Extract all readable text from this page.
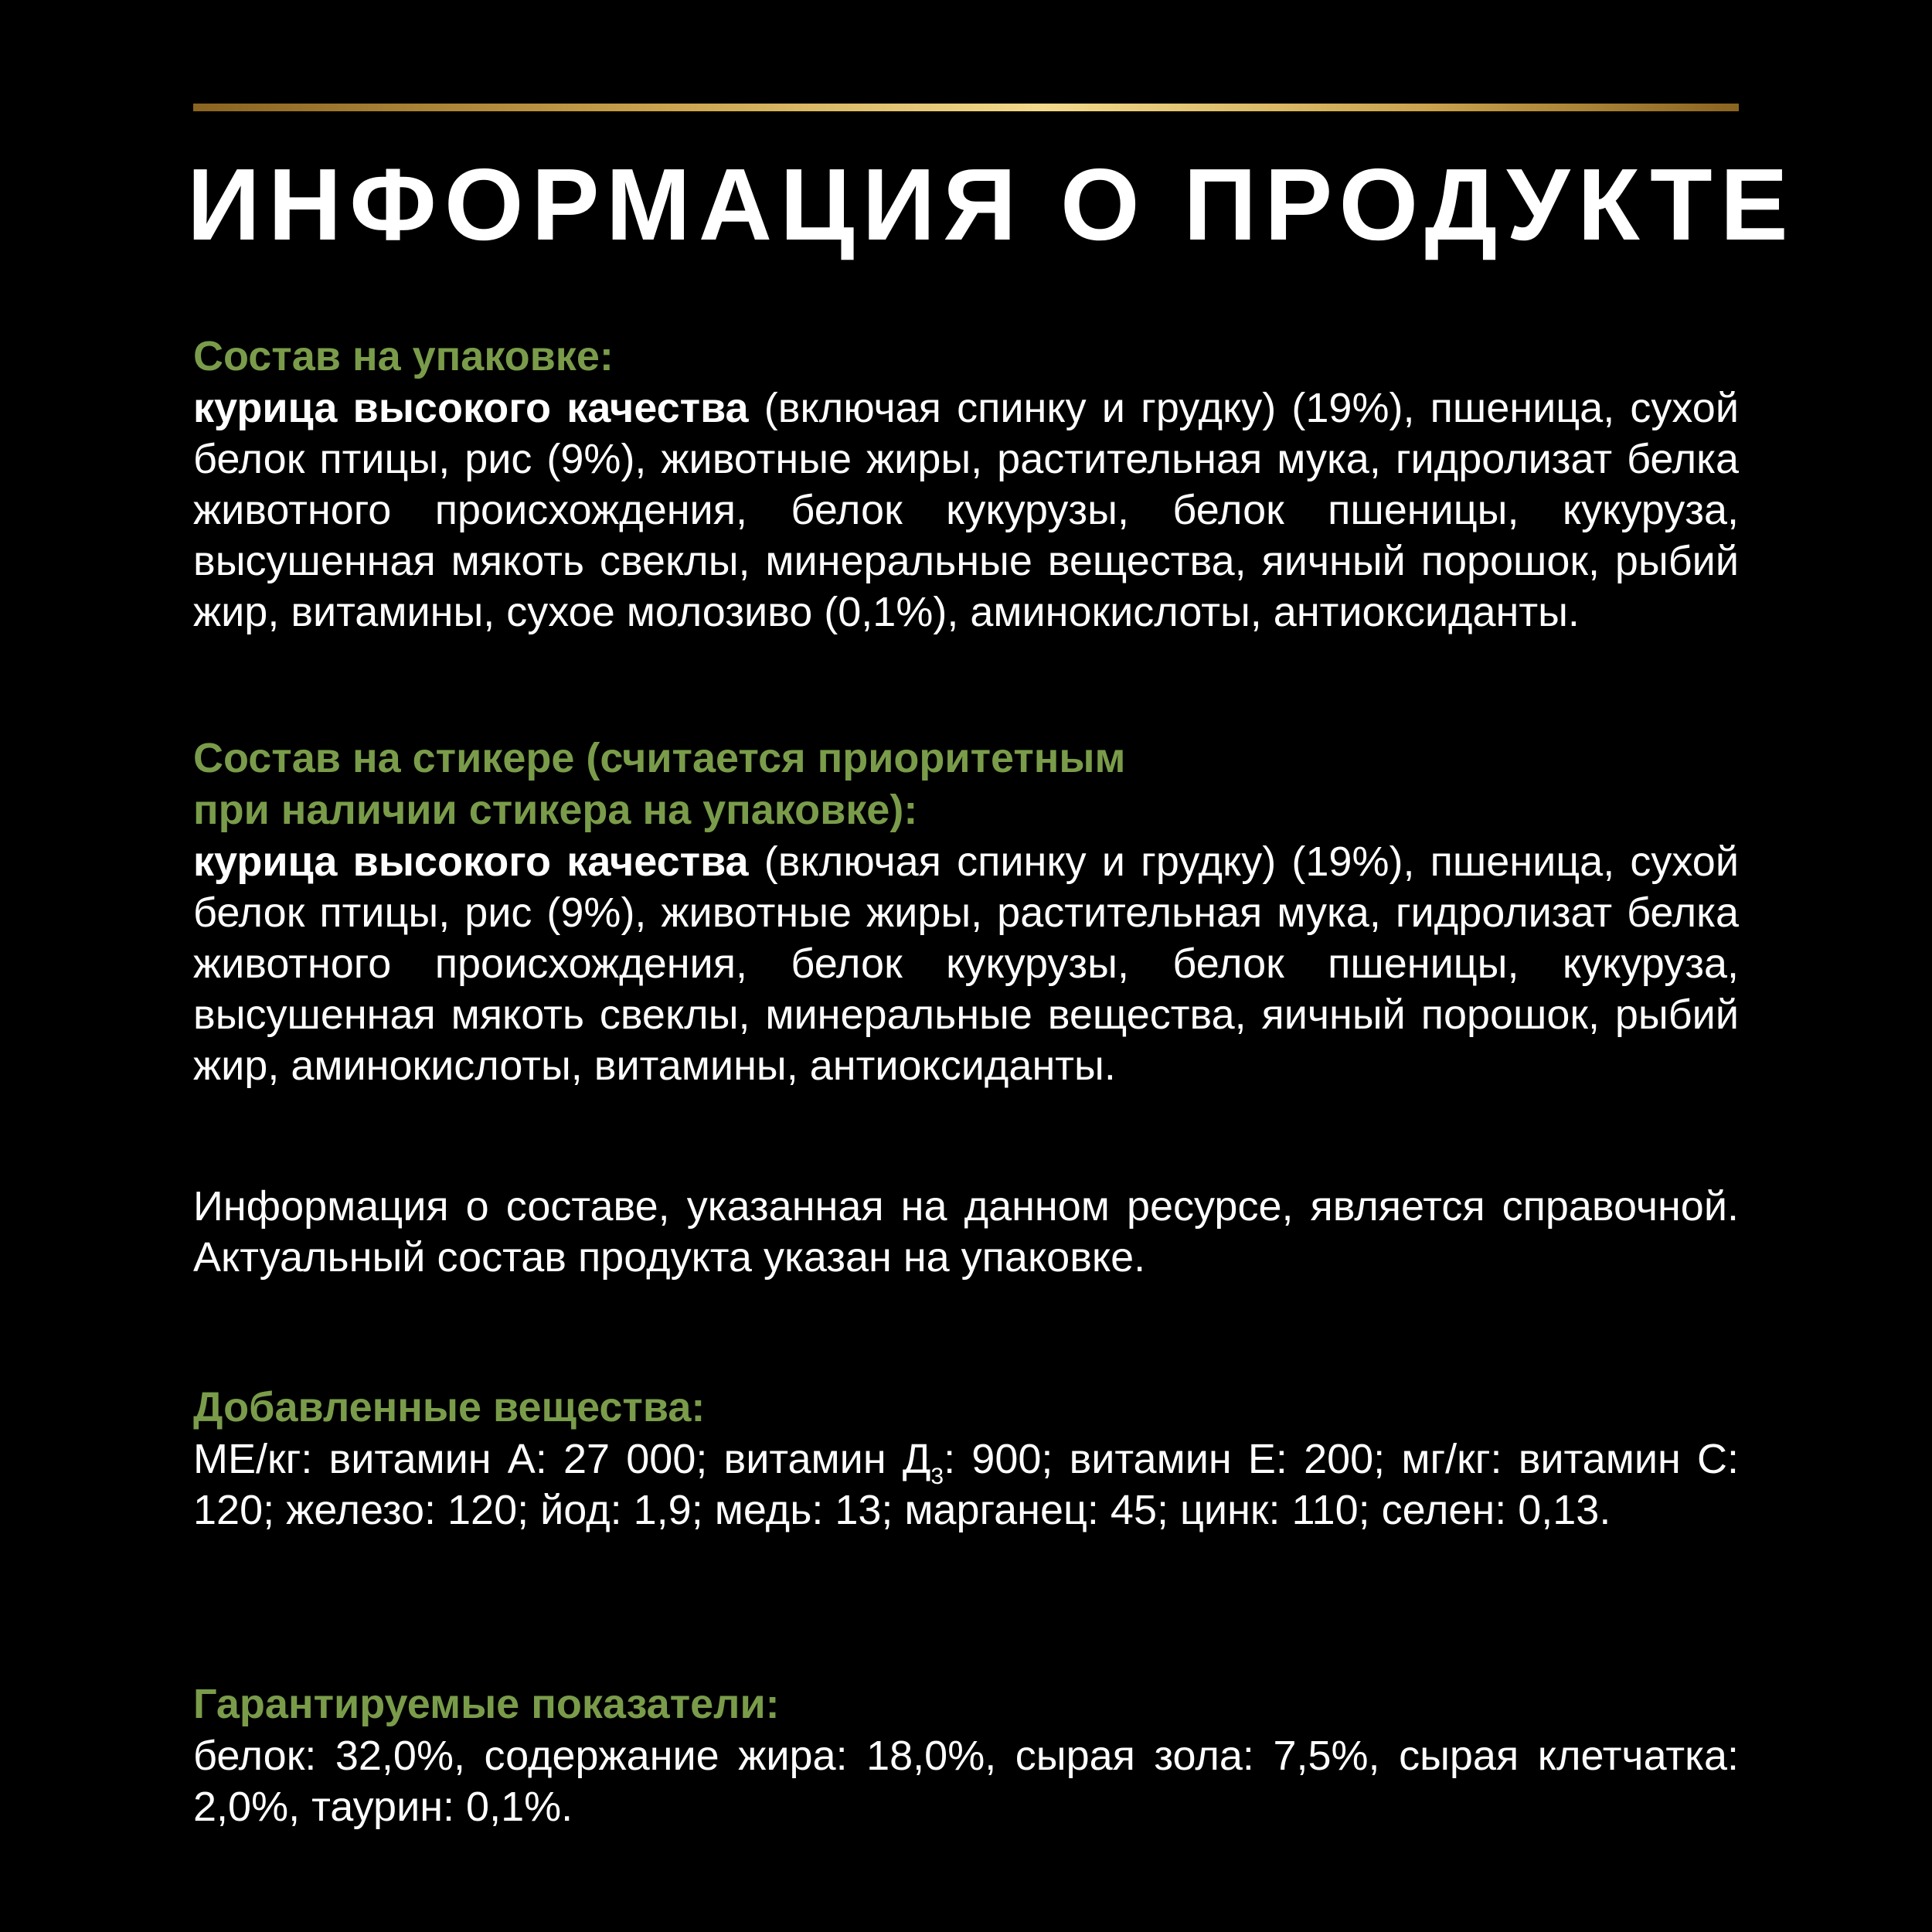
ИНФОРМАЦИЯ О ПРОДУКТЕ

Состав на упаковке:

курица высокого качества (включая спинку и грудку) (19%), пшеница, сухой белок птицы, рис (9%), животные жиры, растительная мука, гидролизат белка животного происхождения, белок кукурузы, белок пшеницы, кукуруза, высушенная мякоть свеклы, минеральные вещества, яичный порошок, рыбий жир, витамины, сухое молозиво (0,1%), аминокислоты, антиоксиданты.

Состав на стикере (считается приоритетным

при наличии стикера на упаковке):

курица высокого качества (включая спинку и грудку) (19%), пшеница, сухой белок птицы, рис (9%), животные жиры, растительная мука, гидролизат белка животного происхождения, белок кукурузы, белок пшеницы, кукуруза, высушенная мякоть свеклы, минеральные вещества, яичный порошок, рыбий жир, аминокислоты, витамины, антиоксиданты.

Информация о составе, указанная на данном ресурсе, является справочной. Актуальный состав продукта указан на упаковке.

Добавленные вещества:

МЕ/кг: витамин А: 27 000; витамин $Д_3$: 900; витамин Е: 200; мг/кг: витамин С: 120; железо: 120; йод: 1,9; медь: 13; марганец: 45; цинк: 110; селен: 0,13.

Гарантируемые показатели:

белок: 32,0%, содержание жира: 18,0%, сырая зола: 7,5%, сырая клетчатка: 2,0%, таурин: 0,1%.
